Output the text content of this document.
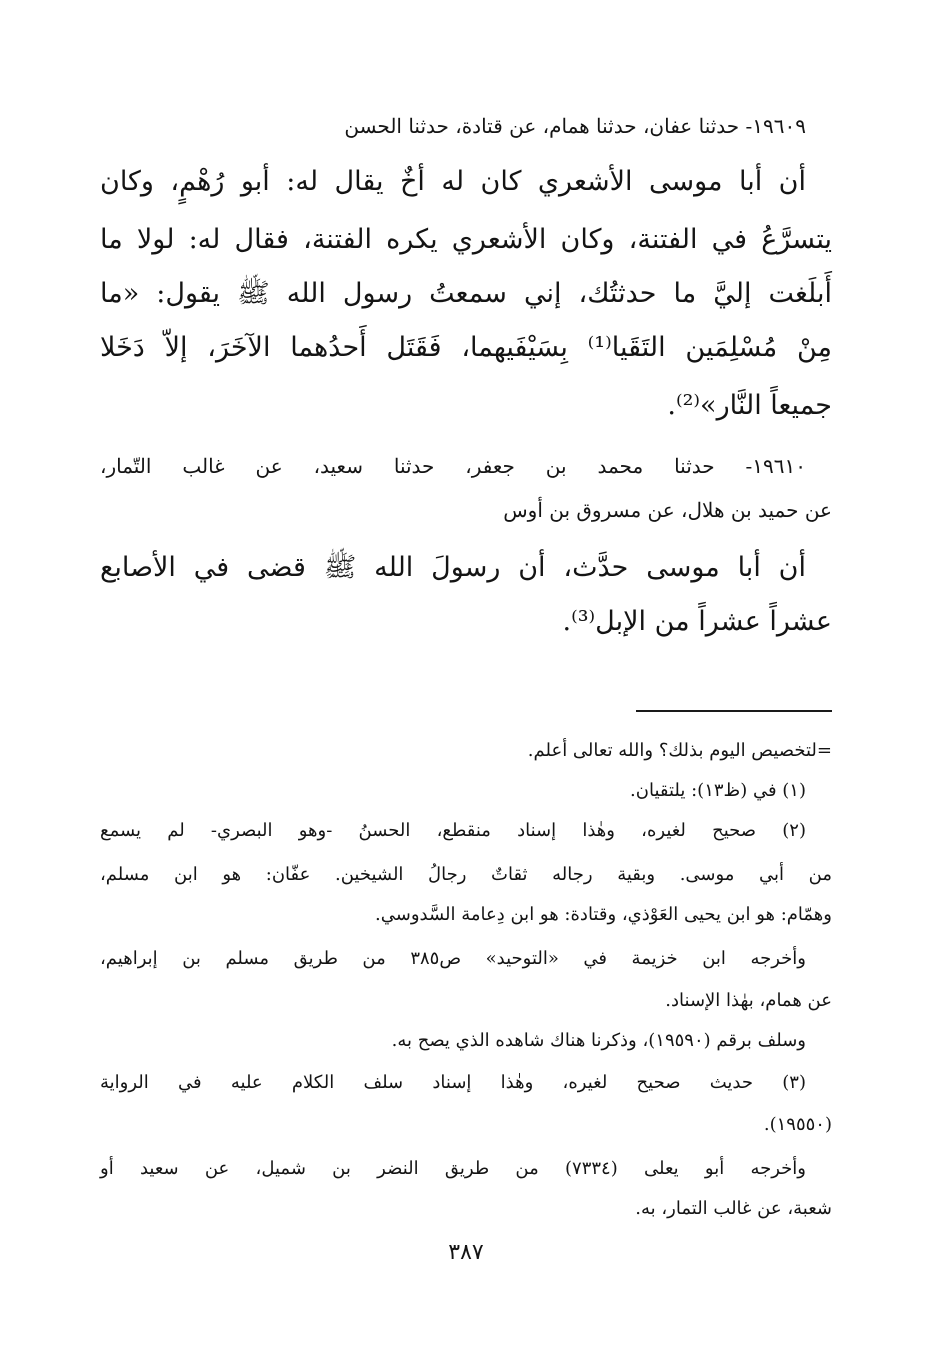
١٩٦٠٩- حدثنا عفان، حدثنا همام، عن قتادة، حدثنا الحسن
أن أبا موسى الأشعري كان له أخٌ يقال له: أبو رُهْمٍ، وكان
يتسرَّعُ في الفتنة، وكان الأشعري يكره الفتنة، فقال له: لولا ما
أَبلَغت إليَّ ما حدثتُك، إني سمعتُ رسول الله ﷺ يقول: «ما
مِنْ مُسْلِمَين التَقَيا⁽¹⁾ بِسَيْفَيهما، فَقَتَل أَحدُهما الآخَرَ، إلاّ دَخَلا
جميعاً النَّار»⁽²⁾.
١٩٦١٠- حدثنا محمد بن جعفر، حدثنا سعيد، عن غالب التّمار،
عن حميد بن هلال، عن مسروق بن أوس
أن أبا موسى حدَّث، أن رسولَ الله ﷺ قضى في الأصابع
عشراً عشراً من الإبل⁽³⁾.
=لتخصيص اليوم بذلك؟ والله تعالى أعلم.
(١) في (ظ١٣): يلتقيان.
(٢) صحيح لغيره، وهٰذا إسناد منقطع، الحسنُ -وهو البصري- لم يسمع
من أبي موسى. وبقية رجاله ثقاتٌ رجالُ الشيخين. عفّان: هو ابن مسلم،
وهمّام: هو ابن يحيى العَوْذي، وقتادة: هو ابن دِعامة السَّدوسي.
وأخرجه ابن خزيمة في «التوحيد» ص٣٨٥ من طريق مسلم بن إبراهيم،
عن همام، بهٰذا الإسناد.
وسلف برقم (١٩٥٩٠)، وذكرنا هناك شاهده الذي يصح به.
(٣) حديث صحيح لغيره، وهٰذا إسناد سلف الكلام عليه في الرواية
(١٩٥٥٠).
وأخرجه أبو يعلى (٧٣٣٤) من طريق النضر بن شميل، عن سعيد أو
شعبة، عن غالب التمار، به.
٣٨٧
